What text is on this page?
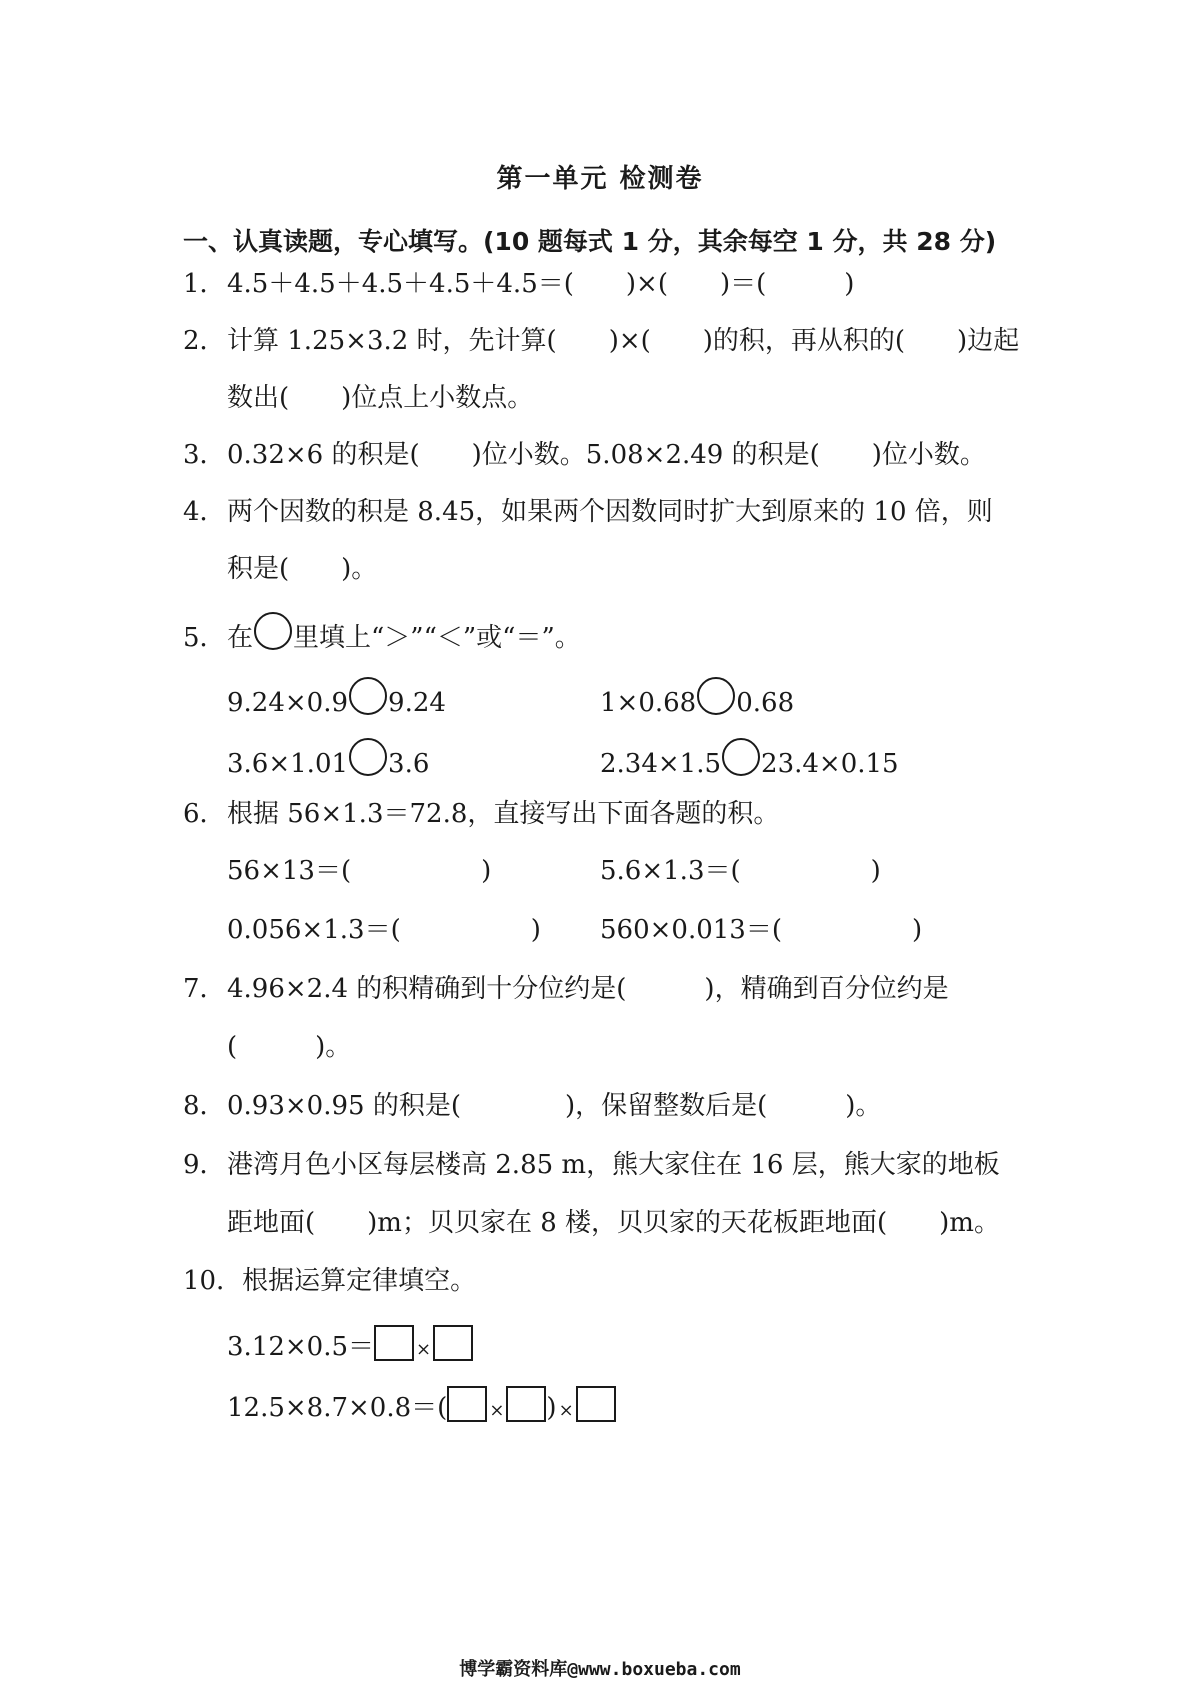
第一单元 检测卷
一、认真读题，专心填写。(10 题每式 1 分，其余每空 1 分，共 28 分)
1．4.5＋4.5＋4.5＋4.5＋4.5＝(　　)×(　　)＝(　　　)
2．计算 1.25×3.2 时，先计算(　　)×(　　)的积，再从积的(　　)边起
数出(　　)位点上小数点。
3．0.32×6 的积是(　　)位小数。5.08×2.49 的积是(　　)位小数。
4．两个因数的积是 8.45，如果两个因数同时扩大到原来的 10 倍，则
积是(　　)。
5．在 里填上“＞”“＜”或“＝”。
9.24×0.9 9.24	1×0.68 0.68
3.6×1.01 3.6	2.34×1.5 23.4×0.15
6．根据 56×1.3＝72.8，直接写出下面各题的积。
56×13＝(　　　　　)	5.6×1.3＝(　　　　　)
0.056×1.3＝(　　　　　) 560×0.013＝(　　　　　)
7．4.96×2.4 的积精确到十分位约是(　　　)，精确到百分位约是
(　　　)。
8．0.93×0.95 的积是(　　　　)，保留整数后是(　　　)。
9．港湾月色小区每层楼高 2.85 m，熊大家住在 16 层，熊大家的地板
距地面(　　)m；贝贝家在 8 楼，贝贝家的天花板距地面(　　)m。
10．根据运算定律填空。
3.12×0.5＝ ×
12.5×8.7×0.8＝( × ) ×
博学霸资料库@www.boxueba.com
